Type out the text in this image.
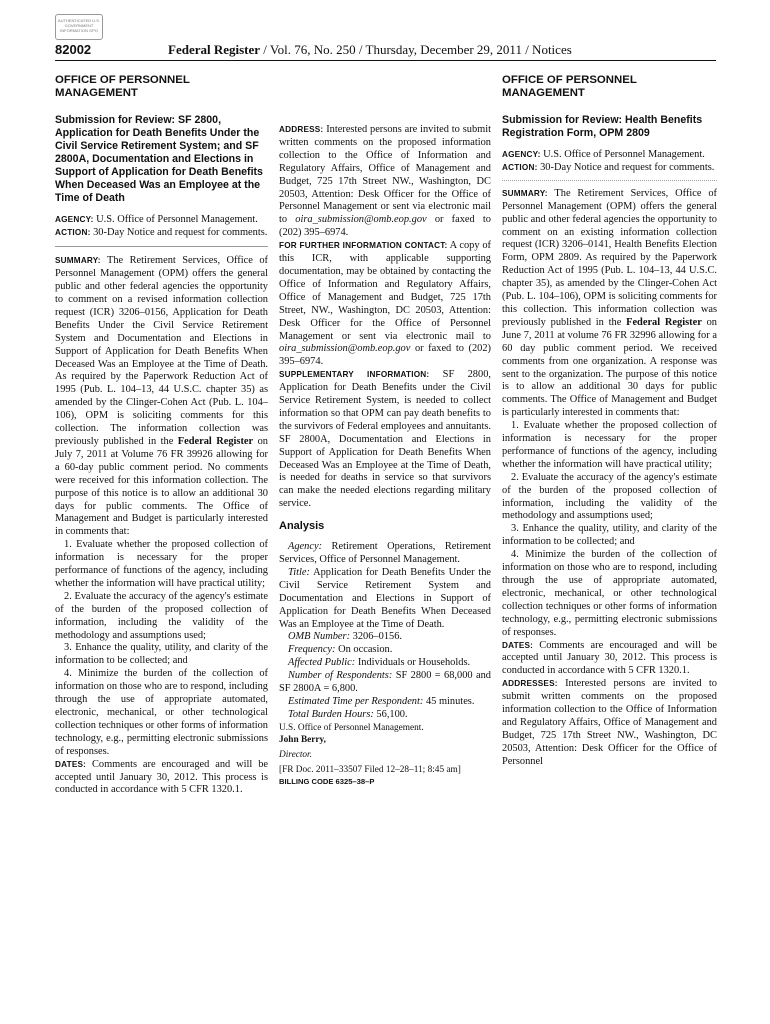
AUTHENTICATED U.S. GOVERNMENT INFORMATION GPO
82002	Federal Register / Vol. 76, No. 250 / Thursday, December 29, 2011 / Notices
OFFICE OF PERSONNEL MANAGEMENT
Submission for Review: SF 2800, Application for Death Benefits Under the Civil Service Retirement System; and SF 2800A, Documentation and Elections in Support of Application for Death Benefits When Deceased Was an Employee at the Time of Death

AGENCY: U.S. Office of Personnel Management.

ACTION: 30-Day Notice and request for comments.

SUMMARY: The Retirement Services, Office of Personnel Management (OPM) offers the general public and other federal agencies the opportunity to comment on a revised information collection request (ICR) 3206–0156, Application for Death Benefits Under the Civil Service Retirement System and Documentation and Elections in Support of Application for Death Benefits When Deceased Was an Employee at the Time of Death. As required by the Paperwork Reduction Act of 1995 (Pub. L. 104–13, 44 U.S.C. chapter 35) as amended by the Clinger-Cohen Act (Pub. L. 104–106), OPM is soliciting comments for this collection. The information collection was previously published in the Federal Register on July 7, 2011 at Volume 76 FR 39926 allowing for a 60-day public comment period. No comments were received for this information collection. The purpose of this notice is to allow an additional 30 days for public comments. The Office of Management and Budget is particularly interested in comments that:

1. Evaluate whether the proposed collection of information is necessary for the proper performance of functions of the agency, including whether the information will have practical utility;

2. Evaluate the accuracy of the agency's estimate of the burden of the proposed collection of information, including the validity of the methodology and assumptions used;

3. Enhance the quality, utility, and clarity of the information to be collected; and

4. Minimize the burden of the collection of information on those who are to respond, including through the use of appropriate automated, electronic, mechanical, or other technological collection techniques or other forms of information technology, e.g., permitting electronic submissions of responses.

DATES: Comments are encouraged and will be accepted until January 30, 2012. This process is conducted in accordance with 5 CFR 1320.1.

ADDRESS: Interested persons are invited to submit written comments on the proposed information collection to the Office of Information and Regulatory Affairs, Office of Management and Budget, 725 17th Street NW., Washington, DC 20503, Attention: Desk Officer for the Office of Personnel Management or sent via electronic mail to oira_submission@omb.eop.gov or faxed to (202) 395–6974.

FOR FURTHER INFORMATION CONTACT: A copy of this ICR, with applicable supporting documentation, may be obtained by contacting the Office of Information and Regulatory Affairs, Office of Management and Budget, 725 17th Street, NW., Washington, DC 20503, Attention: Desk Officer for the Office of Personnel Management or sent via electronic mail to oira_submission@omb.eop.gov or faxed to (202) 395–6974.

SUPPLEMENTARY INFORMATION: SF 2800, Application for Death Benefits under the Civil Service Retirement System, is needed to collect information so that OPM can pay death benefits to the survivors of Federal employees and annuitants. SF 2800A, Documentation and Elections in Support of Application for Death Benefits When Deceased Was an Employee at the Time of Death, is needed for deaths in service so that survivors can make the needed elections regarding military service.

Analysis

Agency: Retirement Operations, Retirement Services, Office of Personnel Management.

Title: Application for Death Benefits Under the Civil Service Retirement System and Documentation and Elections in Support of Application for Death Benefits When Deceased Was an Employee at the Time of Death.

OMB Number: 3206–0156.

Frequency: On occasion.

Affected Public: Individuals or Households.

Number of Respondents: SF 2800 = 68,000 and SF 2800A = 6,800.

Estimated Time per Respondent: 45 minutes.

Total Burden Hours: 56,100.

U.S. Office of Personnel Management.

John Berry,

Director.

[FR Doc. 2011–33507 Filed 12–28–11; 8:45 am]

BILLING CODE 6325–38–P

OFFICE OF PERSONNEL MANAGEMENT
Submission for Review: Health Benefits Registration Form, OPM 2809

AGENCY: U.S. Office of Personnel Management.

ACTION: 30-Day Notice and request for comments.

SUMMARY: The Retirement Services, Office of Personnel Management (OPM) offers the general public and other federal agencies the opportunity to comment on an existing information collection request (ICR) 3206–0141, Health Benefits Election Form, OPM 2809. As required by the Paperwork Reduction Act of 1995 (Pub. L. 104–13, 44 U.S.C. chapter 35), as amended by the Clinger-Cohen Act (Pub. L. 104–106), OPM is soliciting comments for this collection. This information collection was previously published in the Federal Register on June 7, 2011 at volume 76 FR 32996 allowing for a 60 day public comment period. We received comments from one organization. A response was sent to the organization. The purpose of this notice is to allow an additional 30 days for public comments. The Office of Management and Budget is particularly interested in comments that:

1. Evaluate whether the proposed collection of information is necessary for the proper performance of functions of the agency, including whether the information will have practical utility;

2. Evaluate the accuracy of the agency's estimate of the burden of the proposed collection of information, including the validity of the methodology and assumptions used;

3. Enhance the quality, utility, and clarity of the information to be collected; and

4. Minimize the burden of the collection of information on those who are to respond, including through the use of appropriate automated, electronic, mechanical, or other technological collection techniques or other forms of information technology, e.g., permitting electronic submissions of responses.

DATES: Comments are encouraged and will be accepted until January 30, 2012. This process is conducted in accordance with 5 CFR 1320.1.

ADDRESSES: Interested persons are invited to submit written comments on the proposed information collection to the Office of Information and Regulatory Affairs, Office of Management and Budget, 725 17th Street NW., Washington, DC 20503, Attention: Desk Officer for the Office of Personnel
